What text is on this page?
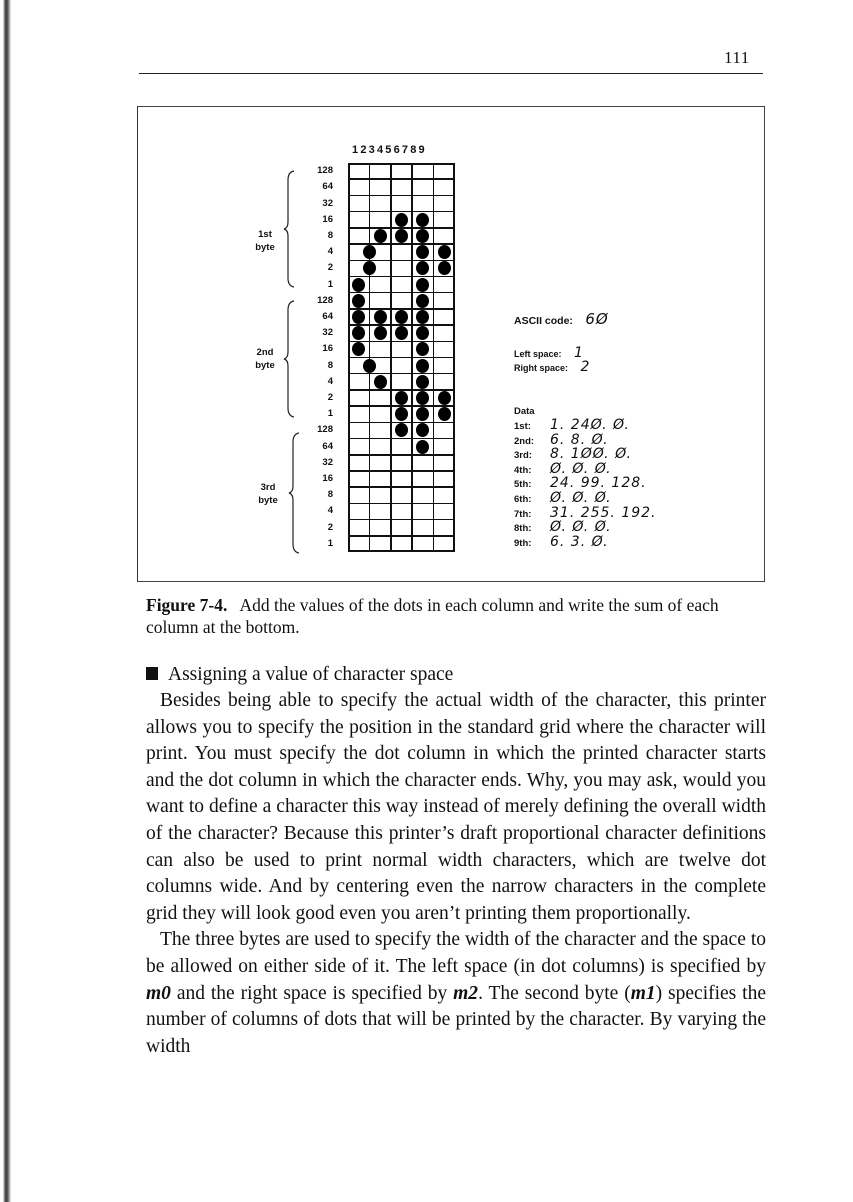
111
123456789
128
64
32
16
8
4
2
1
128
64
32
16
8
4
2
1
128
64
32
16
8
4
2
1
1st
byte
2nd
byte
3rd
byte
ASCII code: 6Ø
Left space: 1
Right space: 2
Data
1st: 1. 24Ø. Ø.
2nd: 6. 8. Ø.
3rd: 8. 1ØØ. Ø.
4th: Ø. Ø. Ø.
5th: 24. 99. 128.
6th: Ø. Ø. Ø.
7th: 31. 255. 192.
8th: Ø. Ø. Ø.
9th: 6. 3. Ø.
Figure 7-4. Add the values of the dots in each column and write the sum of each column at the bottom.
Assigning a value of character space

Besides being able to specify the actual width of the character, this printer allows you to specify the position in the standard grid where the character will print. You must specify the dot column in which the printed character starts and the dot column in which the character ends. Why, you may ask, would you want to define a character this way instead of merely defining the overall width of the character? Because this printer’s draft proportional character definitions can also be used to print normal width characters, which are twelve dot columns wide. And by centering even the narrow characters in the complete grid they will look good even you aren’t printing them proportionally.

The three bytes are used to specify the width of the character and the space to be allowed on either side of it. The left space (in dot columns) is specified by m0 and the right space is specified by m2. The second byte (m1) specifies the number of columns of dots that will be printed by the character. By varying the width
